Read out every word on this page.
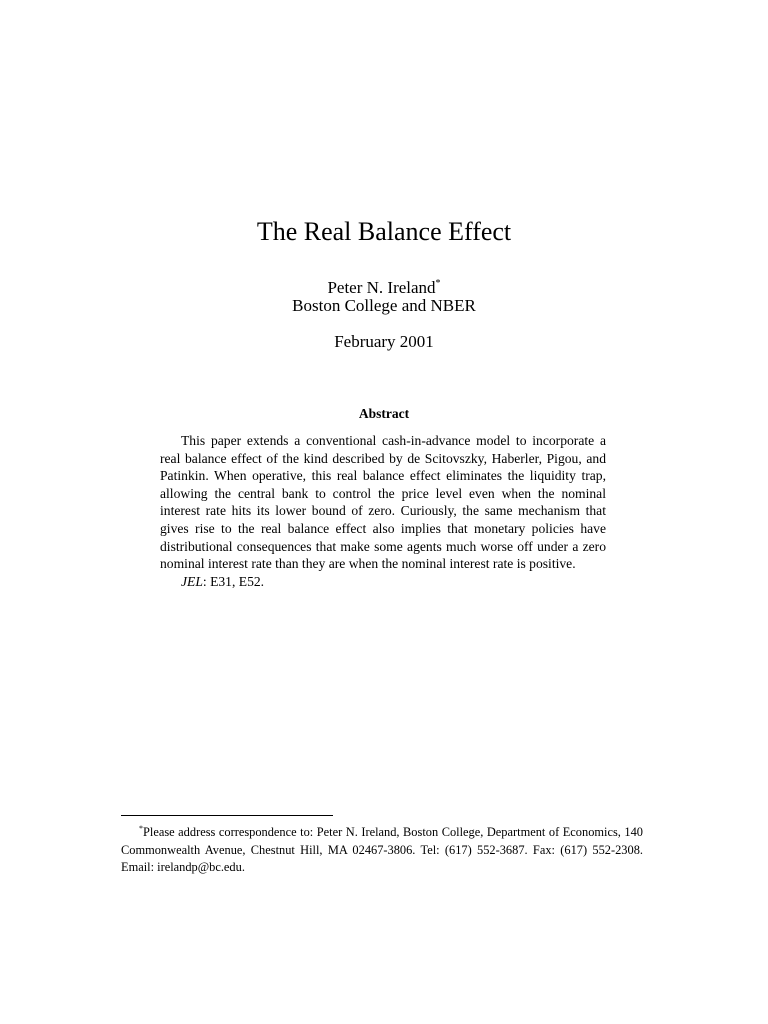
The Real Balance Effect
Peter N. Ireland*
Boston College and NBER
February 2001
Abstract

This paper extends a conventional cash-in-advance model to incorporate a real balance effect of the kind described by de Scitovszky, Haberler, Pigou, and Patinkin. When operative, this real balance effect eliminates the liquidity trap, allowing the central bank to control the price level even when the nominal interest rate hits its lower bound of zero. Curiously, the same mechanism that gives rise to the real balance effect also implies that monetary policies have distributional consequences that make some agents much worse off under a zero nominal interest rate than they are when the nominal interest rate is positive.

JEL: E31, E52.

*Please address correspondence to: Peter N. Ireland, Boston College, Department of Economics, 140 Commonwealth Avenue, Chestnut Hill, MA 02467-3806. Tel: (617) 552-3687. Fax: (617) 552-2308. Email: irelandp@bc.edu.
